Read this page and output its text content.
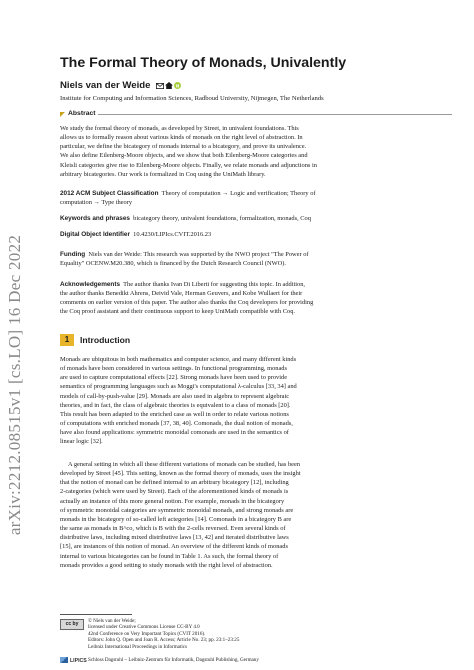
arXiv:2212.08515v1 [cs.LO] 16 Dec 2022
The Formal Theory of Monads, Univalently
Niels van der Weide
Institute for Computing and Information Sciences, Radboud University, Nijmegen, The Netherlands
Abstract
We study the formal theory of monads, as developed by Street, in univalent foundations. This
allows us to formally reason about various kinds of monads on the right level of abstraction. In
particular, we define the bicategory of monads internal to a bicategory, and prove its univalence.
We also define Eilenberg-Moore objects, and we show that both Eilenberg-Moore categories and
Kleisli categories give rise to Eilenberg-Moore objects. Finally, we relate monads and adjunctions in
arbitrary bicategories. Our work is formalized in Coq using the UniMath library.
2012 ACM Subject Classification Theory of computation → Logic and verification; Theory of
computation → Type theory
Keywords and phrases bicategory theory, univalent foundations, formalization, monads, Coq
Digital Object Identifier 10.4230/LIPIcs.CVIT.2016.23
Funding Niels van der Weide: This research was supported by the NWO project "The Power of
Equality" OCENW.M20.380, which is financed by the Dutch Research Council (NWO).
Acknowledgements The author thanks Ivan Di Liberti for suggesting this topic. In addition,
the author thanks Benedikt Ahrens, Deivid Vale, Herman Geuvers, and Kobe Wullaert for their
comments on earlier version of this paper. The author also thanks the Coq developers for providing
the Coq proof assistant and their continuous support to keep UniMath compatible with Coq.
1	Introduction
Monads are ubiquitous in both mathematics and computer science, and many different kinds
of monads have been considered in various settings. In functional programming, monads
are used to capture computational effects [22]. Strong monads have been used to provide
semantics of programming languages such as Moggi's computational λ-calculus [33, 34] and
models of call-by-push-value [29]. Monads are also used in algebra to represent algebraic
theories, and in fact, the class of algebraic theories is equivalent to a class of monads [20].
This result has been adapted to the enriched case as well in order to relate various notions
of computations with enriched monads [37, 38, 40]. Comonads, the dual notion of monads,
have also found applications: symmetric monoidal comonads are used in the semantics of
linear logic [32].
A general setting in which all these different variations of monads can be studied, has been
developed by Street [45]. This setting, known as the formal theory of monads, uses the insight
that the notion of monad can be defined internal to an arbitrary bicategory [12], including
2-categories (which were used by Street). Each of the aforementioned kinds of monads is
actually an instance of this more general notion. For example, monads in the bicategory
of symmetric monoidal categories are symmetric monoidal monads, and strong monads are
monads in the bicategory of so-called left actegories [14]. Comonads in a bicategory B are
the same as monads in B^co, which is B with the 2-cells reversed. Even several kinds of
distributive laws, including mixed distributive laws [13, 42] and iterated distributive laws
[15], are instances of this notion of monad. An overview of the different kinds of monads
internal to various bicategories can be found in Table 1. As such, the formal theory of
monads provides a good setting to study monads with the right level of abstraction.
cc by	© Niels van der Weide;
licensed under Creative Commons License CC-BY 4.0
42nd Conference on Very Important Topics (CVIT 2016).
Editors: John Q. Open and Joan R. Access; Article No. 23; pp. 23:1–23:25
Leibniz International Proceedings in Informatics
LIPICS Schloss Dagstuhl – Leibniz-Zentrum für Informatik, Dagstuhl Publishing, Germany
